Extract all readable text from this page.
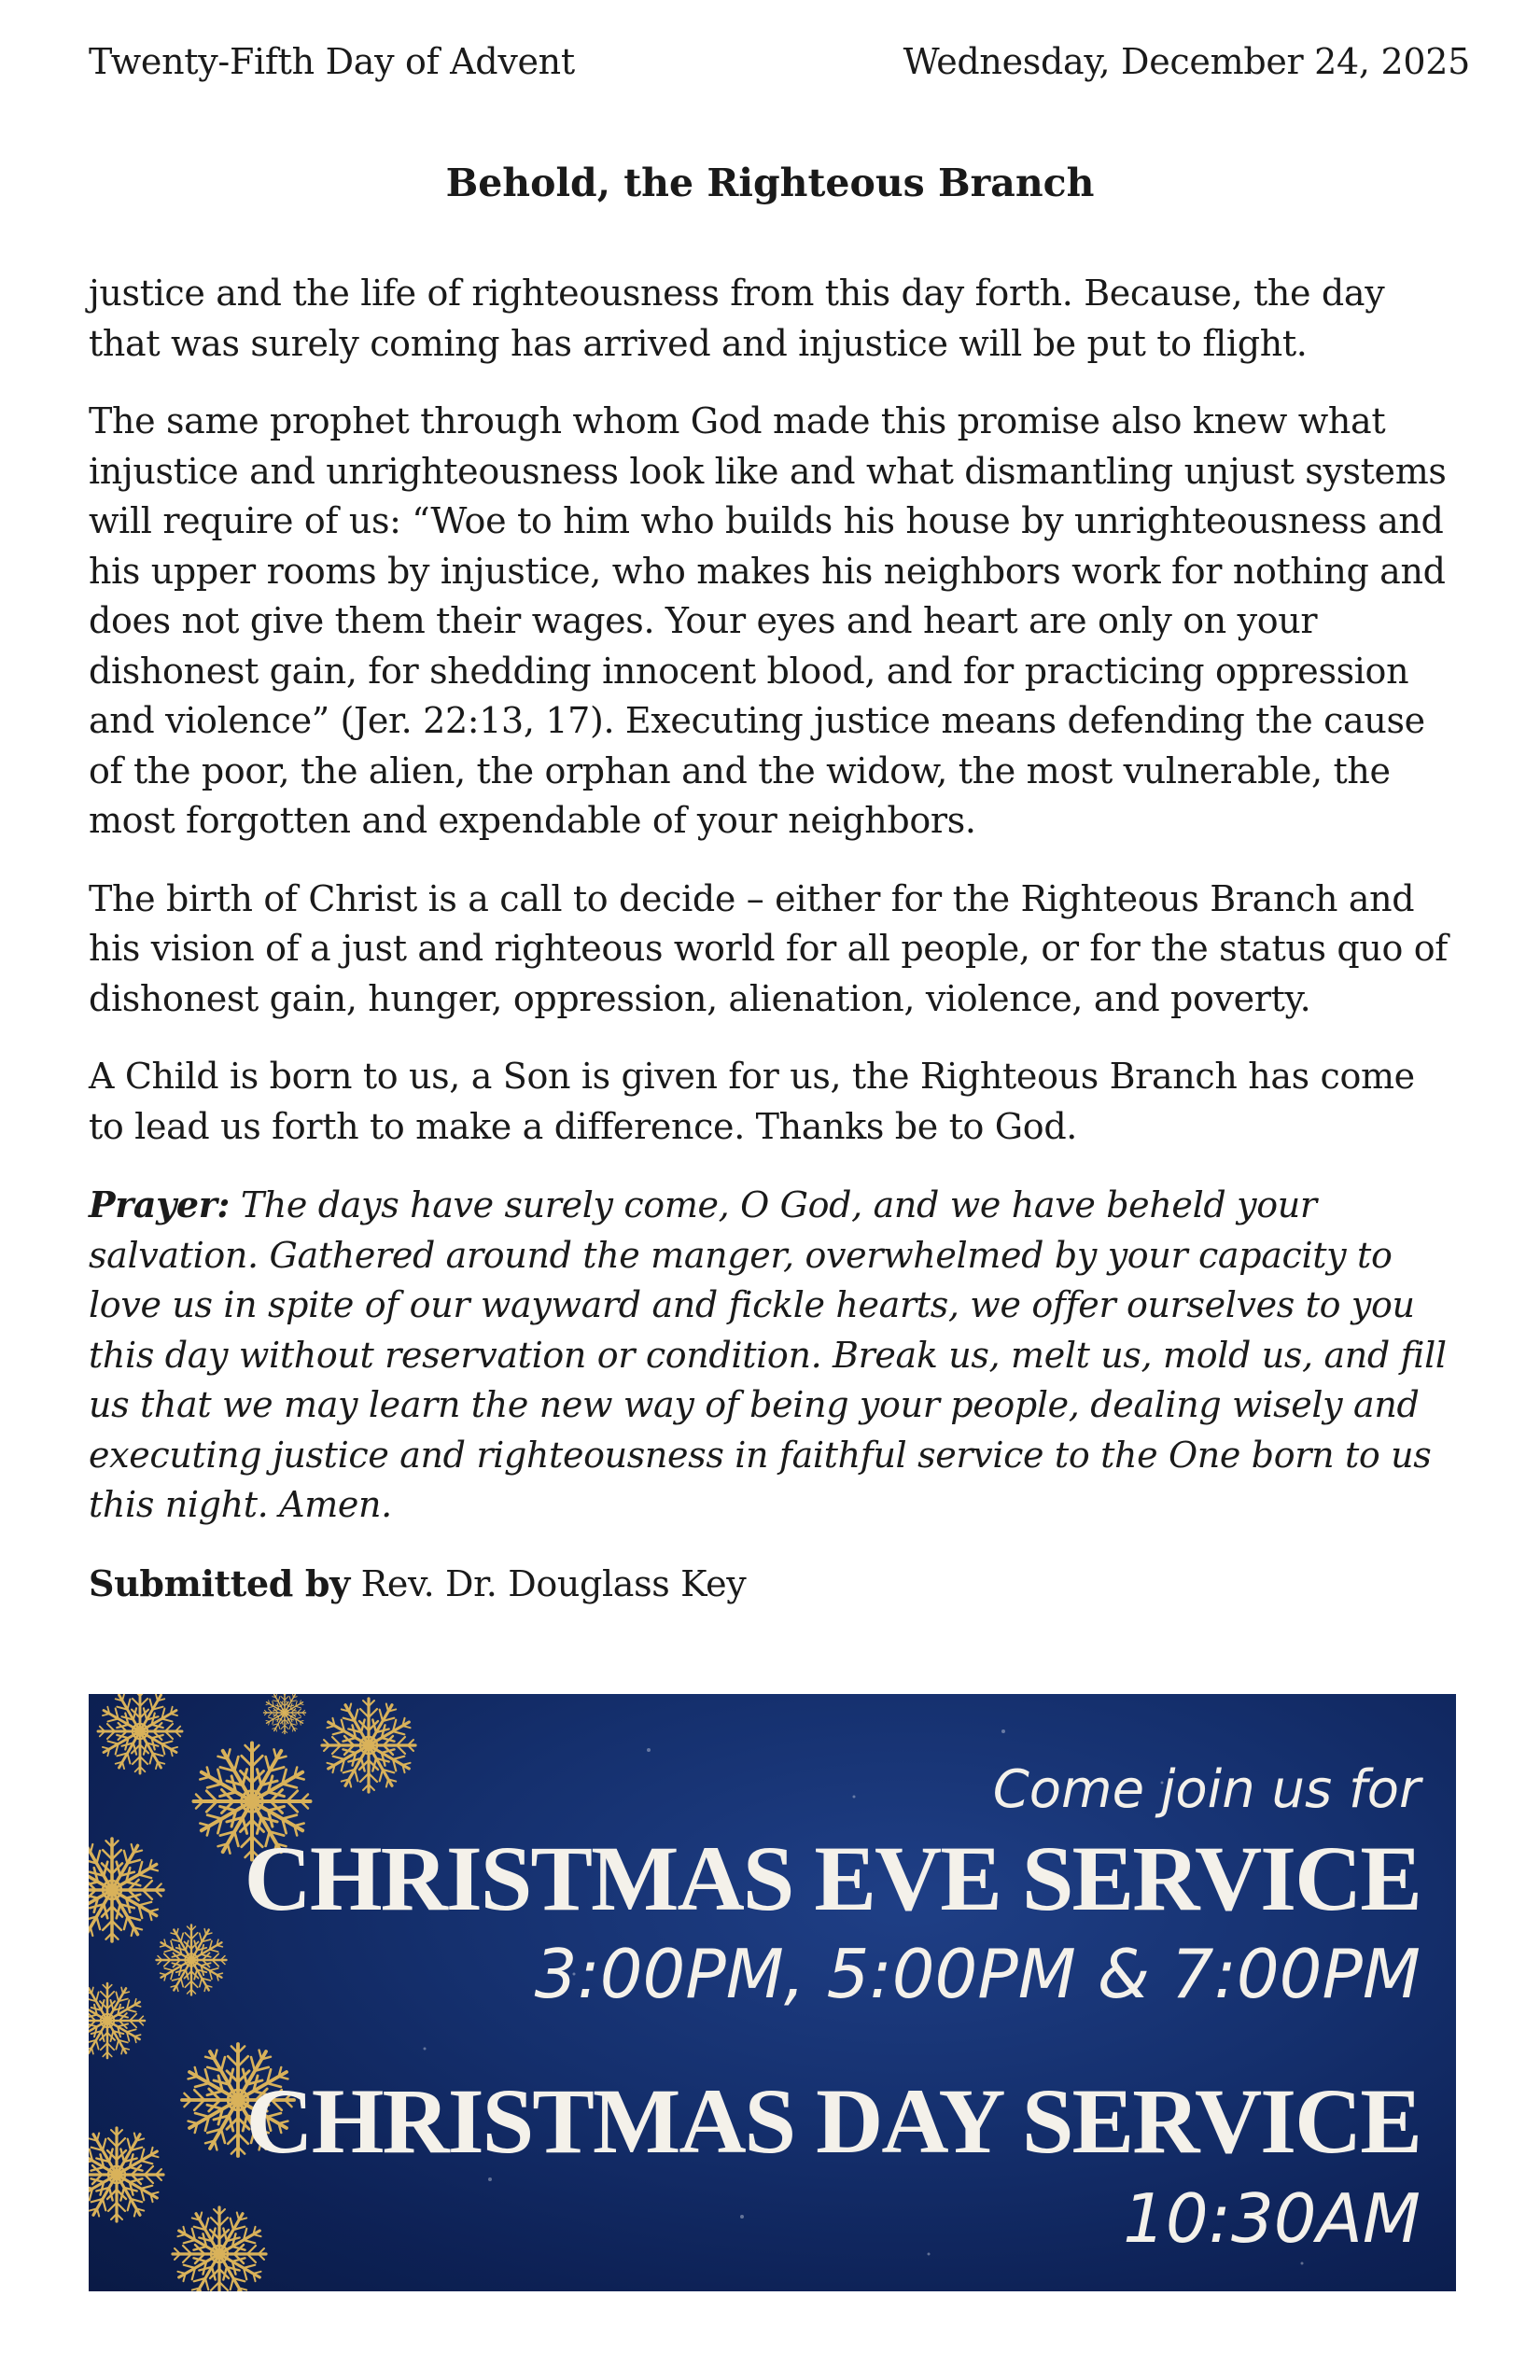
Twenty-Fifth Day of Advent	Wednesday, December 24, 2025
Behold, the Righteous Branch

justice and the life of righteousness from this day forth. Because, the day that was surely coming has arrived and injustice will be put to flight.

The same prophet through whom God made this promise also knew what injustice and unrighteousness look like and what dismantling unjust systems will require of us: “Woe to him who builds his house by unrighteousness and his upper rooms by injustice, who makes his neighbors work for nothing and does not give them their wages. Your eyes and heart are only on your dishonest gain, for shedding innocent blood, and for practicing oppression and violence” (Jer. 22:13, 17). Executing justice means defending the cause of the poor, the alien, the orphan and the widow, the most vulnerable, the most forgotten and expendable of your neighbors.

The birth of Christ is a call to decide – either for the Righteous Branch and his vision of a just and righteous world for all people, or for the status quo of dishonest gain, hunger, oppression, alienation, violence, and poverty.

A Child is born to us, a Son is given for us, the Righteous Branch has come to lead us forth to make a difference. Thanks be to God.

Prayer: The days have surely come, O God, and we have beheld your salvation. Gathered around the manger, overwhelmed by your capacity to love us in spite of our wayward and fickle hearts, we offer ourselves to you this day without reservation or condition. Break us, melt us, mold us, and fill us that we may learn the new way of being your people, dealing wisely and executing justice and righteousness in faithful service to the One born to us this night. Amen.

Submitted by Rev. Dr. Douglass Key

Come join us for
CHRISTMAS EVE SERVICE
3:00PM, 5:00PM & 7:00PM
CHRISTMAS DAY SERVICE
10:30AM
